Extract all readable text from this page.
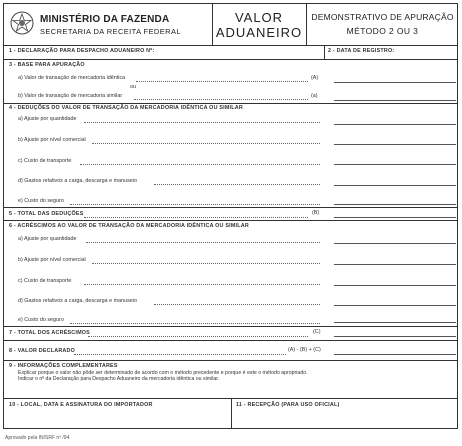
MINISTÉRIO DA FAZENDA
SECRETARIA DA RECEITA FEDERAL
VALOR
ADUANEIRO
DEMONSTRATIVO DE APURAÇÃO
MÉTODO 2 OU 3
1 - DECLARAÇÃO PARA DESPACHO ADUANEIRO Nº:	2 - DATA DE REGISTRO:
3 - BASE PARA APURAÇÃO
a) Valor de transação de mercadoria idêntica	(A)
ou
b) Valor de transação de mercadoria similar	(a)
4 - DEDUÇÕES DO VALOR DE TRANSAÇÃO DA MERCADORIA IDÊNTICA OU SIMILAR
a) Ajuste por quantidade
b) Ajuste por nível comercial
c) Custo de transporte
d) Gastos relativos a carga, descarga e manuseio
e) Custo do seguro
5 - TOTAL DAS DEDUÇÕES	(B)
6 - ACRÉSCIMOS AO VALOR DE TRANSAÇÃO DA MERCADORIA IDÊNTICA OU SIMILAR
a) Ajuste por quantidade
b) Ajuste por nível comercial
c) Custo de transporte
d) Gastos relativos a carga, descarga e manuseio
e) Custo do seguro
7 - TOTAL DOS ACRÉSCIMOS	(C)
8 - VALOR DECLARADO	(A) - (B) + (C)
9 - INFORMAÇÕES COMPLEMENTARES
Explicar porque o valor não pôde ser determinado de acordo com o método precedente e porque é este o método apropriado.
Indicar o nº da Declaração para Despacho Aduaneiro da mercadoria idêntica ou similar.
10 - LOCAL, DATA E ASSINATURA DO IMPORTADOR	11 - RECEPÇÃO (PARA USO OFICIAL)
Aprovado pela IN/SRF nº /94
